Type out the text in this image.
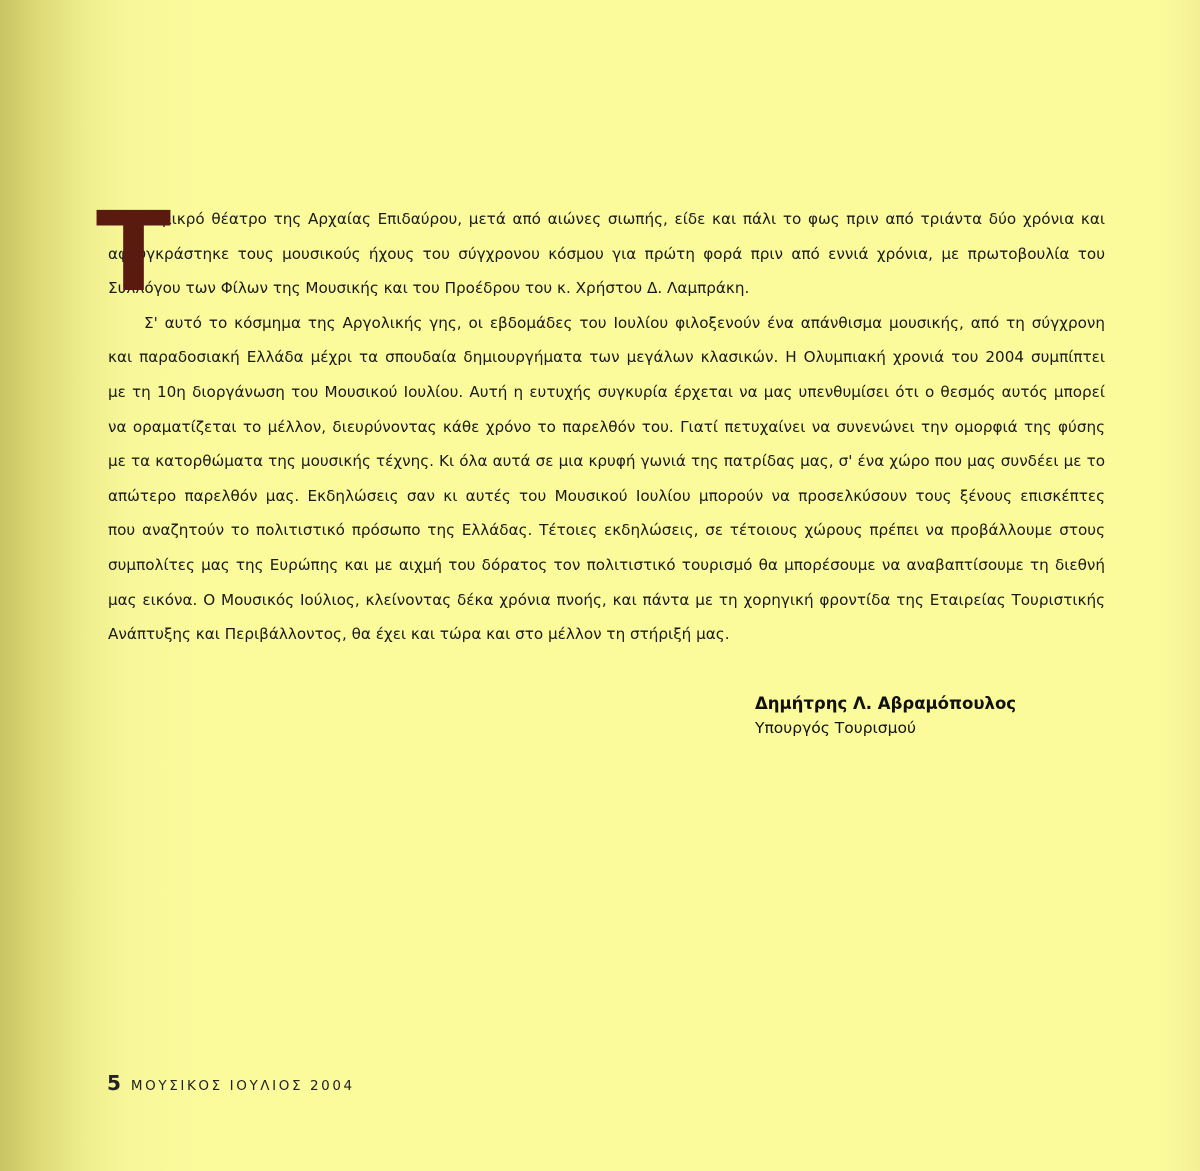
Τ
ο μικρό θέατρο της Αρχαίας Επιδαύρου, μετά από αιώνες σιωπής, είδε και πάλι το φως πριν από τριάντα δύο χρόνια και
αφουγκράστηκε τους μουσικούς ήχους του σύγχρονου κόσμου για πρώτη φορά πριν από εννιά χρόνια, με πρωτοβουλία του
Συλλόγου των Φίλων της Μουσικής και του Προέδρου του κ. Χρήστου Δ. Λαμπράκη.
Σ' αυτό το κόσμημα της Αργολικής γης, οι εβδομάδες του Ιουλίου φιλοξενούν ένα απάνθισμα μουσικής, από τη σύγχρονη
και παραδοσιακή Ελλάδα μέχρι τα σπουδαία δημιουργήματα των μεγάλων κλασικών. Η Ολυμπιακή χρονιά του 2004 συμπίπτει
με τη 10η διοργάνωση του Μουσικού Ιουλίου. Αυτή η ευτυχής συγκυρία έρχεται να μας υπενθυμίσει ότι ο θεσμός αυτός μπορεί
να οραματίζεται το μέλλον, διευρύνοντας κάθε χρόνο το παρελθόν του. Γιατί πετυχαίνει να συνενώνει την ομορφιά της φύσης
με τα κατορθώματα της μουσικής τέχνης. Κι όλα αυτά σε μια κρυφή γωνιά της πατρίδας μας, σ' ένα χώρο που μας συνδέει με το
απώτερο παρελθόν μας. Εκδηλώσεις σαν κι αυτές του Μουσικού Ιουλίου μπορούν να προσελκύσουν τους ξένους επισκέπτες
που αναζητούν το πολιτιστικό πρόσωπο της Ελλάδας. Τέτοιες εκδηλώσεις, σε τέτοιους χώρους πρέπει να προβάλλουμε στους
συμπολίτες μας της Ευρώπης και με αιχμή του δόρατος τον πολιτιστικό τουρισμό θα μπορέσουμε να αναβαπτίσουμε τη διεθνή
μας εικόνα. Ο Μουσικός Ιούλιος, κλείνοντας δέκα χρόνια πνοής, και πάντα με τη χορηγική φροντίδα της Εταιρείας Τουριστικής
Ανάπτυξης και Περιβάλλοντος, θα έχει και τώρα και στο μέλλον τη στήριξή μας.
Δημήτρης Λ. Αβραμόπουλος
Υπουργός Τουρισμού
5 ΜΟΥΣΙΚΟΣ ΙΟΥΛΙΟΣ 2004
